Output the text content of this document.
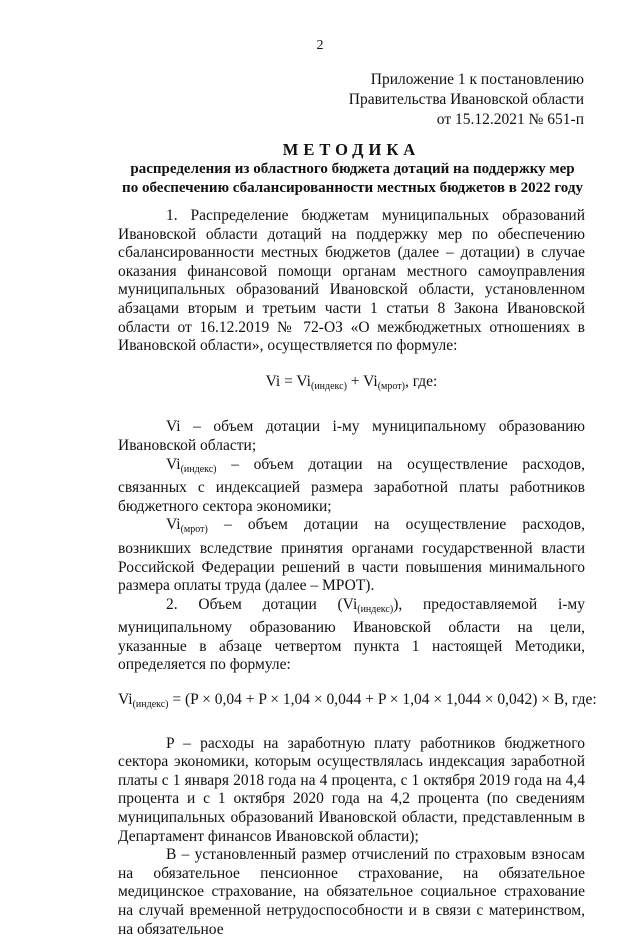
2
Приложение 1 к постановлению
Правительства Ивановской области
от 15.12.2021 № 651-п
МЕТОДИКА
распределения из областного бюджета дотаций на поддержку мер
по обеспечению сбалансированности местных бюджетов в 2022 году

1. Распределение бюджетам муниципальных образований Ивановской области дотаций на поддержку мер по обеспечению сбалансированности местных бюджетов (далее – дотации) в случае оказания финансовой помощи органам местного самоуправления муниципальных образований Ивановской области, установленном абзацами вторым и третьим части 1 статьи 8 Закона Ивановской области от 16.12.2019 № 72-ОЗ «О межбюджетных отношениях в Ивановской области», осуществляется по формуле:

Vi = Vi(индекс) + Vi(мрот), где:

Vi – объем дотации i-му муниципальному образованию Ивановской области;

Vi(индекс) – объем дотации на осуществление расходов, связанных с индексацией размера заработной платы работников бюджетного сектора экономики;

Vi(мрот) – объем дотации на осуществление расходов, возникших вследствие принятия органами государственной власти Российской Федерации решений в части повышения минимального размера оплаты труда (далее – МРОТ).

2. Объем дотации (Vi(индекс)), предоставляемой i-му муниципальному образованию Ивановской области на цели, указанные в абзаце четвертом пункта 1 настоящей Методики, определяется по формуле:

Vi(индекс) = (P × 0,04 + P × 1,04 × 0,044 + P × 1,04 × 1,044 × 0,042) × B, где:

P – расходы на заработную плату работников бюджетного сектора экономики, которым осуществлялась индексация заработной платы с 1 января 2018 года на 4 процента, с 1 октября 2019 года на 4,4 процента и с 1 октября 2020 года на 4,2 процента (по сведениям муниципальных образований Ивановской области, представленным в Департамент финансов Ивановской области);

B – установленный размер отчислений по страховым взносам на обязательное пенсионное страхование, на обязательное медицинское страхование, на обязательное социальное страхование на случай временной нетрудоспособности и в связи с материнством, на обязательное
